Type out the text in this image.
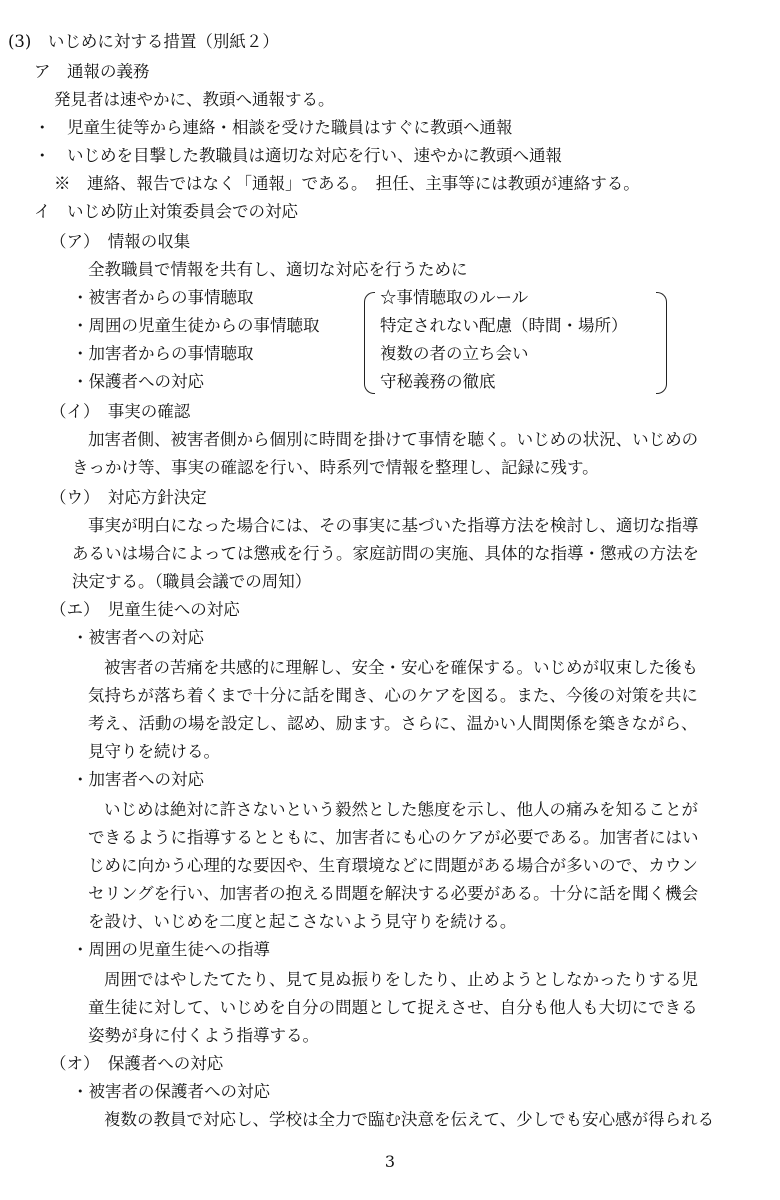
(3)　いじめに対する措置（別紙２）
ア　通報の義務
発見者は速やかに、教頭へ通報する。
・　児童生徒等から連絡・相談を受けた職員はすぐに教頭へ通報
・　いじめを目撃した教職員は適切な対応を行い、速やかに教頭へ通報
※　連絡、報告ではなく「通報」である。　担任、主事等には教頭が連絡する。
イ　いじめ防止対策委員会での対応
（ア）　情報の収集
全教職員で情報を共有し、適切な対応を行うために
・被害者からの事情聴取
・周囲の児童生徒からの事情聴取
・加害者からの事情聴取
・保護者への対応
☆事情聴取のルール
特定されない配慮（時間・場所）
複数の者の立ち会い
守秘義務の徹底
（イ）　事実の確認
加害者側、被害者側から個別に時間を掛けて事情を聴く。いじめの状況、いじめの
きっかけ等、事実の確認を行い、時系列で情報を整理し、記録に残す。
（ウ）　対応方針決定
事実が明白になった場合には、その事実に基づいた指導方法を検討し、適切な指導
あるいは場合によっては懲戒を行う。家庭訪問の実施、具体的な指導・懲戒の方法を
決定する。（職員会議での周知）
（エ）　児童生徒への対応
・被害者への対応
被害者の苦痛を共感的に理解し、安全・安心を確保する。いじめが収束した後も
気持ちが落ち着くまで十分に話を聞き、心のケアを図る。また、今後の対策を共に
考え、活動の場を設定し、認め、励ます。さらに、温かい人間関係を築きながら、
見守りを続ける。
・加害者への対応
いじめは絶対に許さないという毅然とした態度を示し、他人の痛みを知ることが
できるように指導するとともに、加害者にも心のケアが必要である。加害者にはい
じめに向かう心理的な要因や、生育環境などに問題がある場合が多いので、カウン
セリングを行い、加害者の抱える問題を解決する必要がある。十分に話を聞く機会
を設け、いじめを二度と起こさないよう見守りを続ける。
・周囲の児童生徒への指導
周囲ではやしたてたり、見て見ぬ振りをしたり、止めようとしなかったりする児
童生徒に対して、いじめを自分の問題として捉えさせ、自分も他人も大切にできる
姿勢が身に付くよう指導する。
（オ）　保護者への対応
・被害者の保護者への対応
複数の教員で対応し、学校は全力で臨む決意を伝えて、少しでも安心感が得られる
3
